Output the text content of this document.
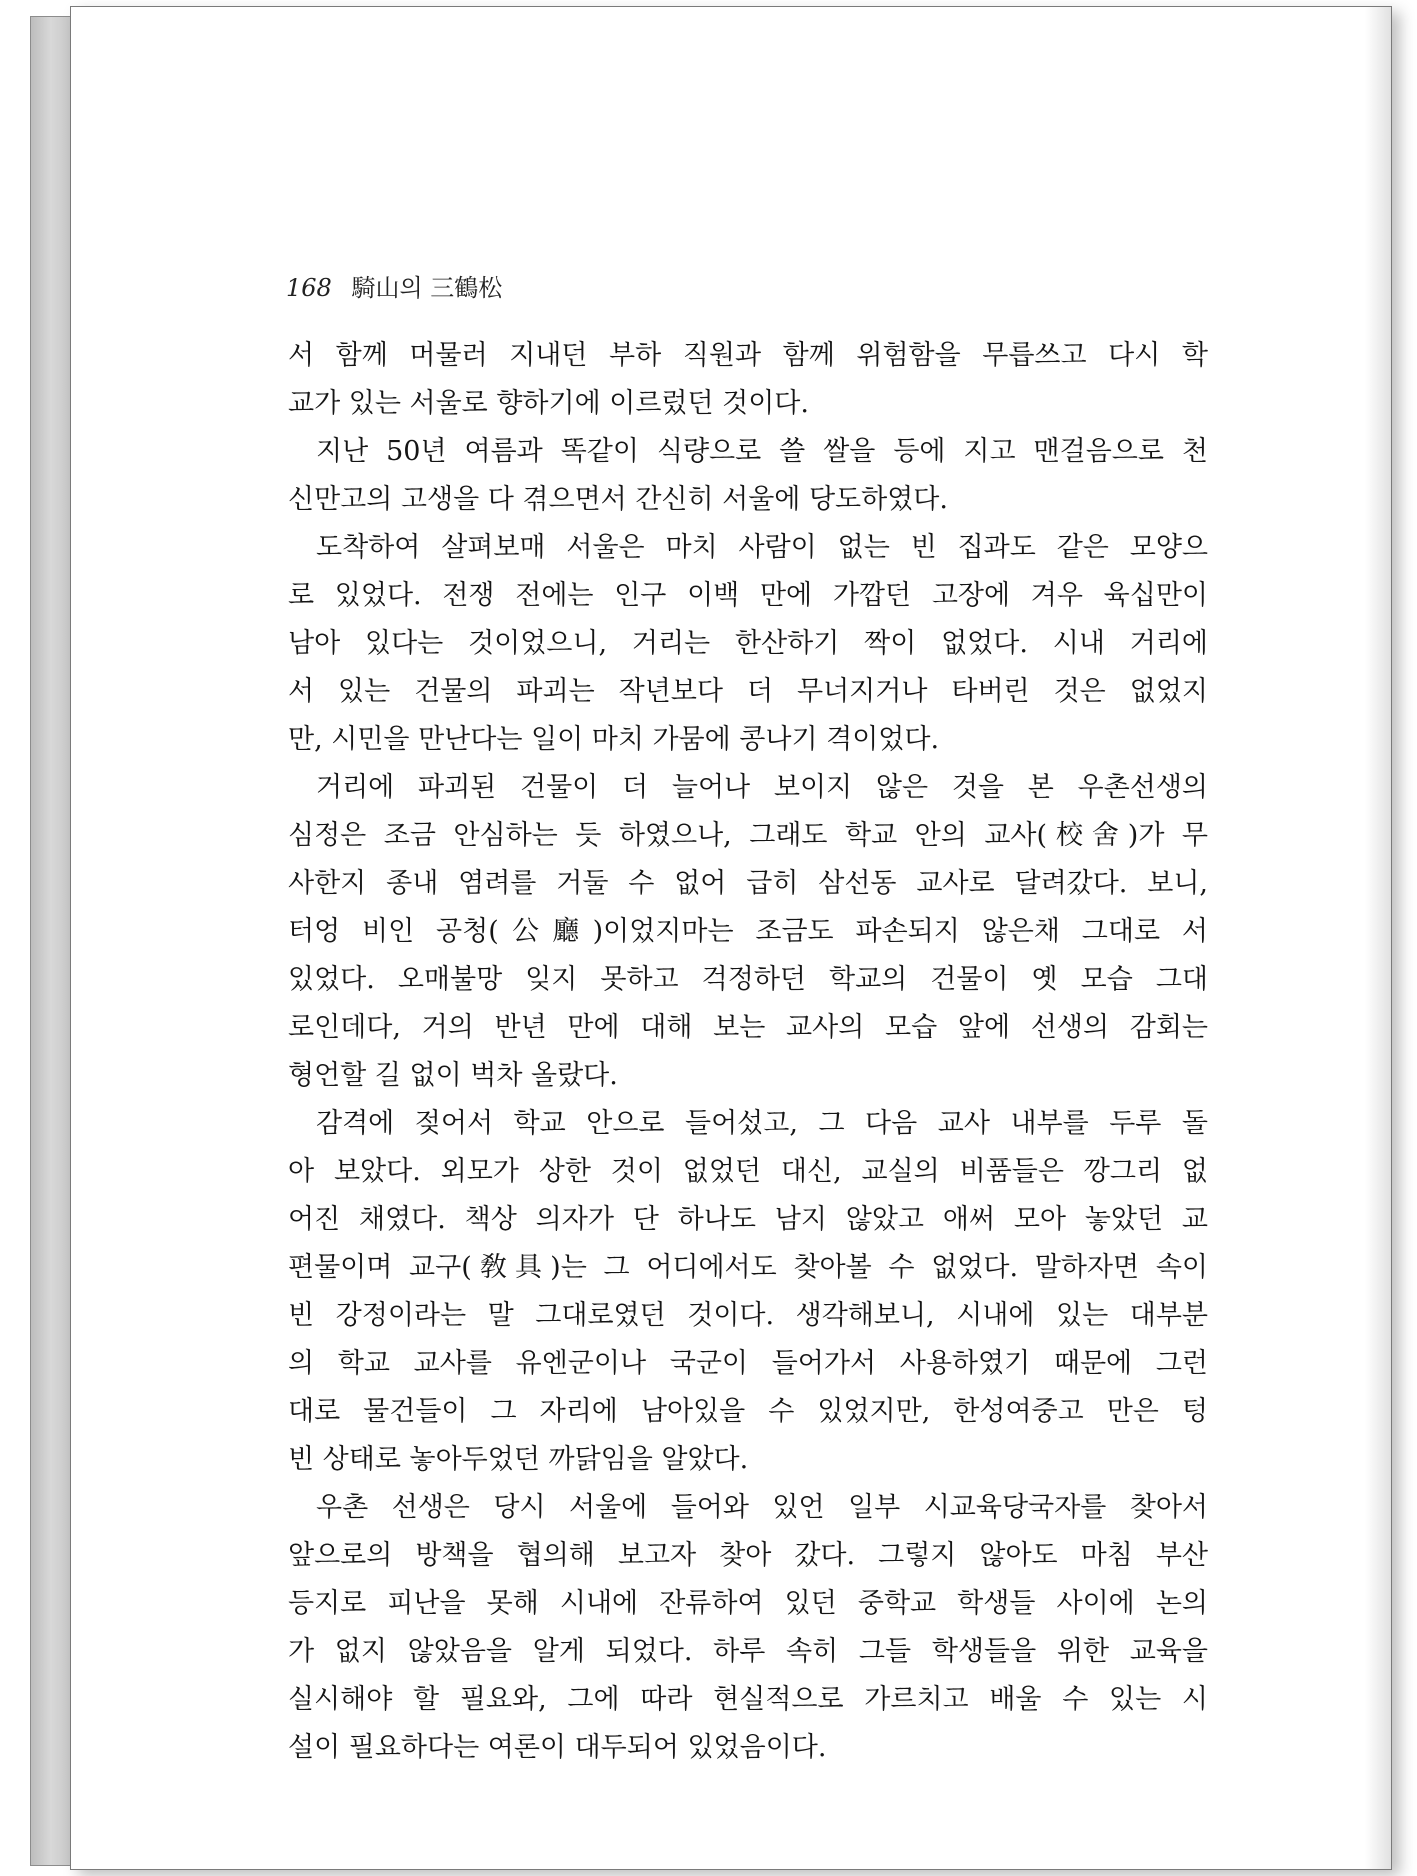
168 騎山의 三鶴松
서 함께 머물러 지내던 부하 직원과 함께 위험함을 무릅쓰고 다시 학
교가 있는 서울로 향하기에 이르렀던 것이다.
지난 50년 여름과 똑같이 식량으로 쓸 쌀을 등에 지고 맨걸음으로 천
신만고의 고생을 다 겪으면서 간신히 서울에 당도하였다.
도착하여 살펴보매 서울은 마치 사람이 없는 빈 집과도 같은 모양으
로 있었다. 전쟁 전에는 인구 이백 만에 가깝던 고장에 겨우 육십만이
남아 있다는 것이었으니, 거리는 한산하기 짝이 없었다. 시내 거리에
서 있는 건물의 파괴는 작년보다 더 무너지거나 타버린 것은 없었지
만, 시민을 만난다는 일이 마치 가뭄에 콩나기 격이었다.
거리에 파괴된 건물이 더 늘어나 보이지 않은 것을 본 우촌선생의
심정은 조금 안심하는 듯 하였으나, 그래도 학교 안의 교사(校舍)가 무
사한지 종내 염려를 거둘 수 없어 급히 삼선동 교사로 달려갔다. 보니,
터엉 비인 공청(公廳)이었지마는 조금도 파손되지 않은채 그대로 서
있었다. 오매불망 잊지 못하고 걱정하던 학교의 건물이 옛 모습 그대
로인데다, 거의 반년 만에 대해 보는 교사의 모습 앞에 선생의 감회는
형언할 길 없이 벅차 올랐다.
감격에 젖어서 학교 안으로 들어섰고, 그 다음 교사 내부를 두루 돌
아 보았다. 외모가 상한 것이 없었던 대신, 교실의 비품들은 깡그리 없
어진 채였다. 책상 의자가 단 하나도 남지 않았고 애써 모아 놓았던 교
편물이며 교구(敎具)는 그 어디에서도 찾아볼 수 없었다. 말하자면 속이
빈 강정이라는 말 그대로였던 것이다. 생각해보니, 시내에 있는 대부분
의 학교 교사를 유엔군이나 국군이 들어가서 사용하였기 때문에 그런
대로 물건들이 그 자리에 남아있을 수 있었지만, 한성여중고 만은 텅
빈 상태로 놓아두었던 까닭임을 알았다.
우촌 선생은 당시 서울에 들어와 있언 일부 시교육당국자를 찾아서
앞으로의 방책을 협의해 보고자 찾아 갔다. 그렇지 않아도 마침 부산
등지로 피난을 못해 시내에 잔류하여 있던 중학교 학생들 사이에 논의
가 없지 않았음을 알게 되었다. 하루 속히 그들 학생들을 위한 교육을
실시해야 할 필요와, 그에 따라 현실적으로 가르치고 배울 수 있는 시
설이 필요하다는 여론이 대두되어 있었음이다.
